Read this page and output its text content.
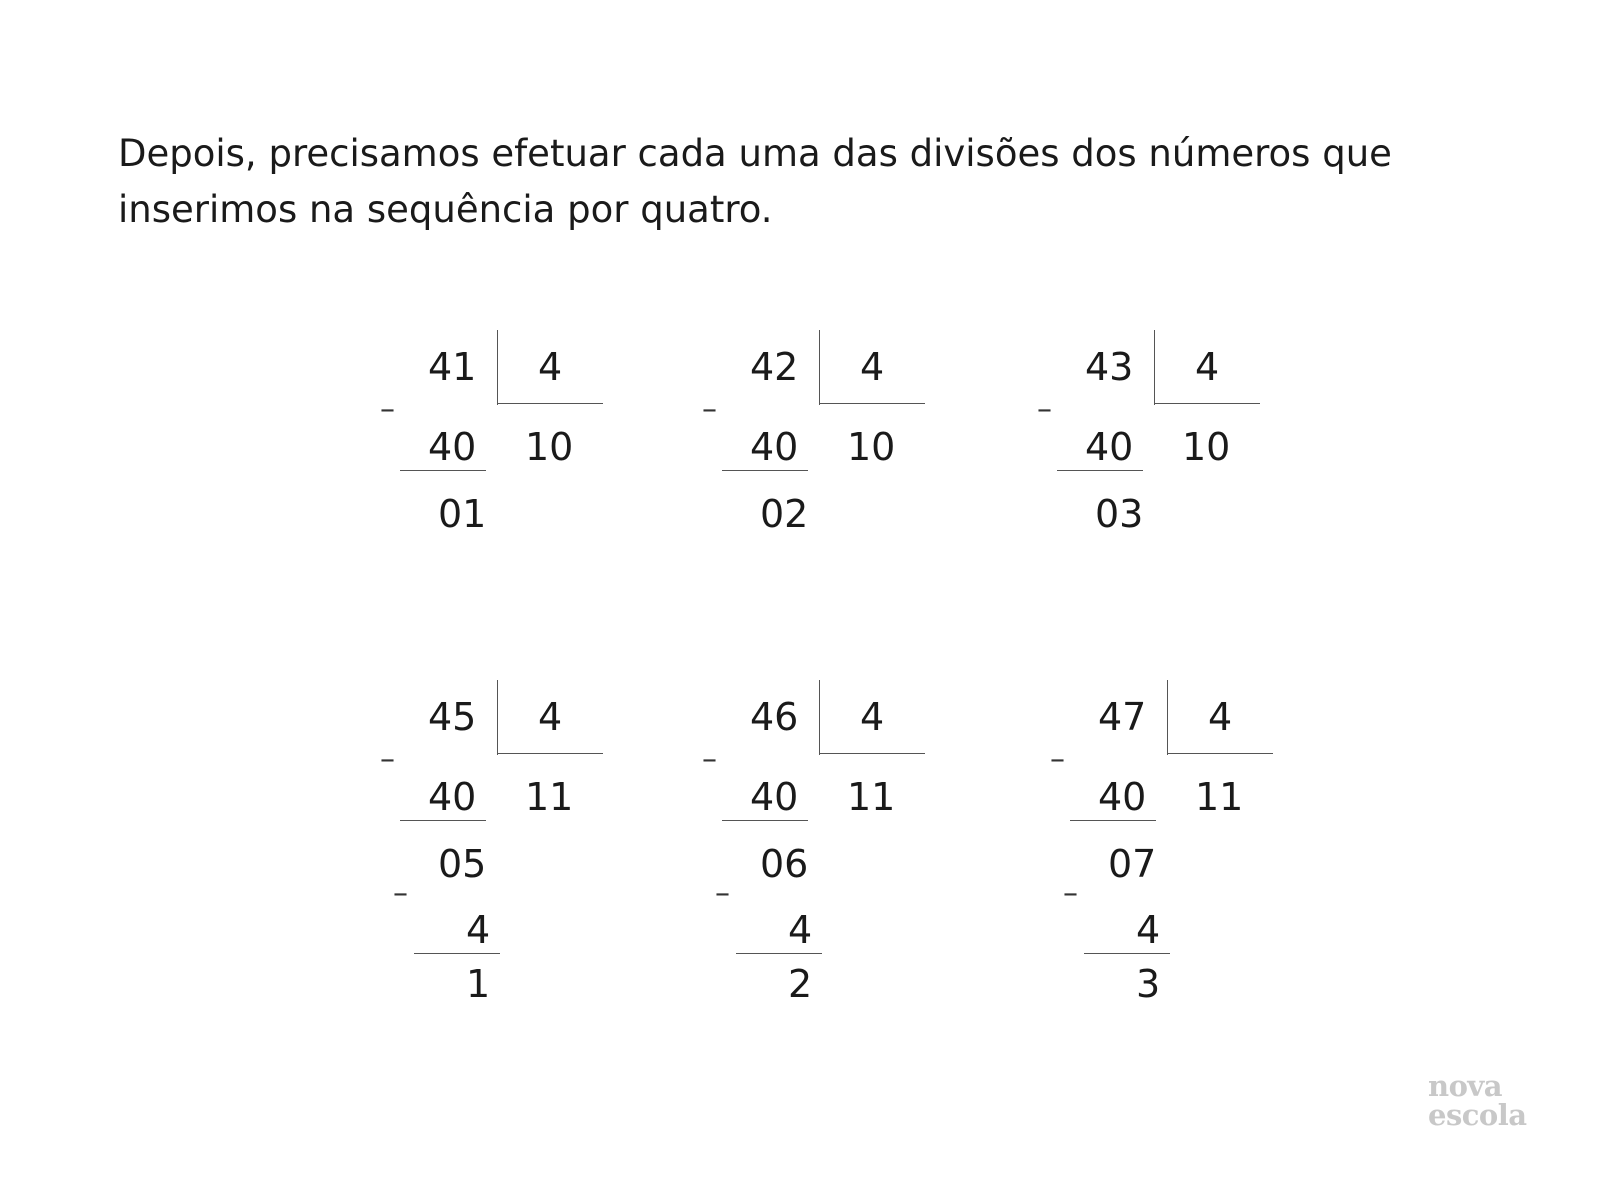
Depois, precisamos efetuar cada uma das divisões dos números que
inserimos na sequência por quatro.

41 4
–
40 10
01
42 4
–
40 10
02
43 4
–
40 10
03
45 4
–
40 11
05
–
4
1
46 4
–
40 11
06
–
4
2
47 4
–
40 11
07
–
4
3
nova
escola
